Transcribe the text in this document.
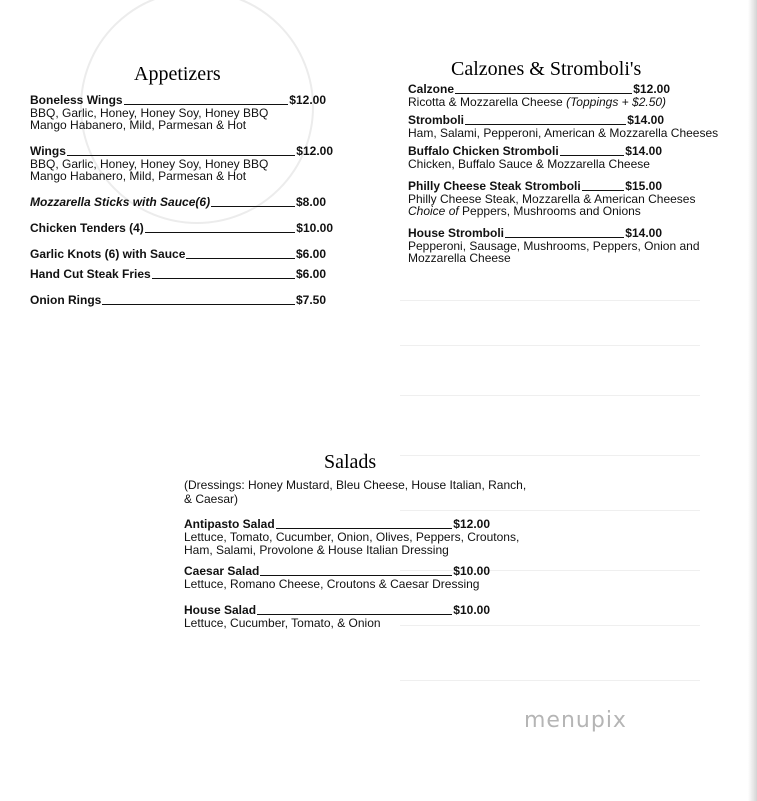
Appetizers
Boneless Wings	$12.00
BBQ, Garlic, Honey, Honey Soy, Honey BBQ
Mango Habanero, Mild, Parmesan & Hot
Wings	$12.00
BBQ, Garlic, Honey, Honey Soy, Honey BBQ
Mango Habanero, Mild, Parmesan & Hot
Mozzarella Sticks with Sauce(6)	$8.00
Chicken Tenders (4)	$10.00
Garlic Knots (6) with Sauce	$6.00
Hand Cut Steak Fries	$6.00
Onion Rings	$7.50
Calzones & Stromboli's
Calzone	$12.00
Ricotta & Mozzarella Cheese (Toppings + $2.50)
Stromboli	$14.00
Ham, Salami, Pepperoni, American & Mozzarella Cheeses
Buffalo Chicken Stromboli	$14.00
Chicken, Buffalo Sauce & Mozzarella Cheese
Philly Cheese Steak Stromboli	$15.00
Philly Cheese Steak, Mozzarella & American Cheeses
Choice of Peppers, Mushrooms and Onions
House Stromboli	$14.00
Pepperoni, Sausage, Mushrooms, Peppers, Onion and
Mozzarella Cheese
Salads
(Dressings: Honey Mustard, Bleu Cheese, House Italian, Ranch,
& Caesar)
Antipasto Salad	$12.00
Lettuce, Tomato, Cucumber, Onion, Olives, Peppers, Croutons,
Ham, Salami, Provolone & House Italian Dressing
Caesar Salad	$10.00
Lettuce, Romano Cheese, Croutons & Caesar Dressing
House Salad	$10.00
Lettuce, Cucumber, Tomato, & Onion
menupix
